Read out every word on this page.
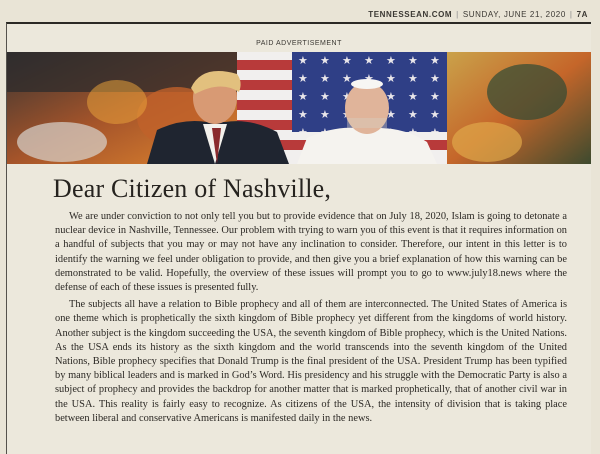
TENNESSEAN.COM | SUNDAY, JUNE 21, 2020 | 7A
PAID ADVERTISEMENT
Dear Citizen of Nashville,

We are under conviction to not only tell you but to provide evidence that on July 18, 2020, Islam is going to detonate a nuclear device in Nashville, Tennessee. Our problem with trying to warn you of this event is that it requires information on a handful of subjects that you may or may not have any inclination to consider. Therefore, our intent in this letter is to identify the warning we feel under obligation to provide, and then give you a brief explanation of how this warning can be demonstrated to be valid. Hopefully, the overview of these issues will prompt you to go to www.july18.news where the defense of each of these issues is presented fully.

The subjects all have a relation to Bible prophecy and all of them are interconnected. The United States of America is one theme which is prophetically the sixth kingdom of Bible prophecy yet different from the kingdoms of world history. Another subject is the kingdom succeeding the USA, the seventh kingdom of Bible prophecy, which is the United Nations. As the USA ends its history as the sixth kingdom and the world transcends into the seventh kingdom of the United Nations, Bible prophecy specifies that Donald Trump is the final president of the USA. President Trump has been typified by many biblical leaders and is marked in God’s Word. His presidency and his struggle with the Democratic Party is also a subject of prophecy and provides the backdrop for another matter that is marked prophetically, that of another civil war in the USA. This reality is fairly easy to recognize. As citizens of the USA, the intensity of division that is taking place between liberal and conservative Americans is manifested daily in the news.
